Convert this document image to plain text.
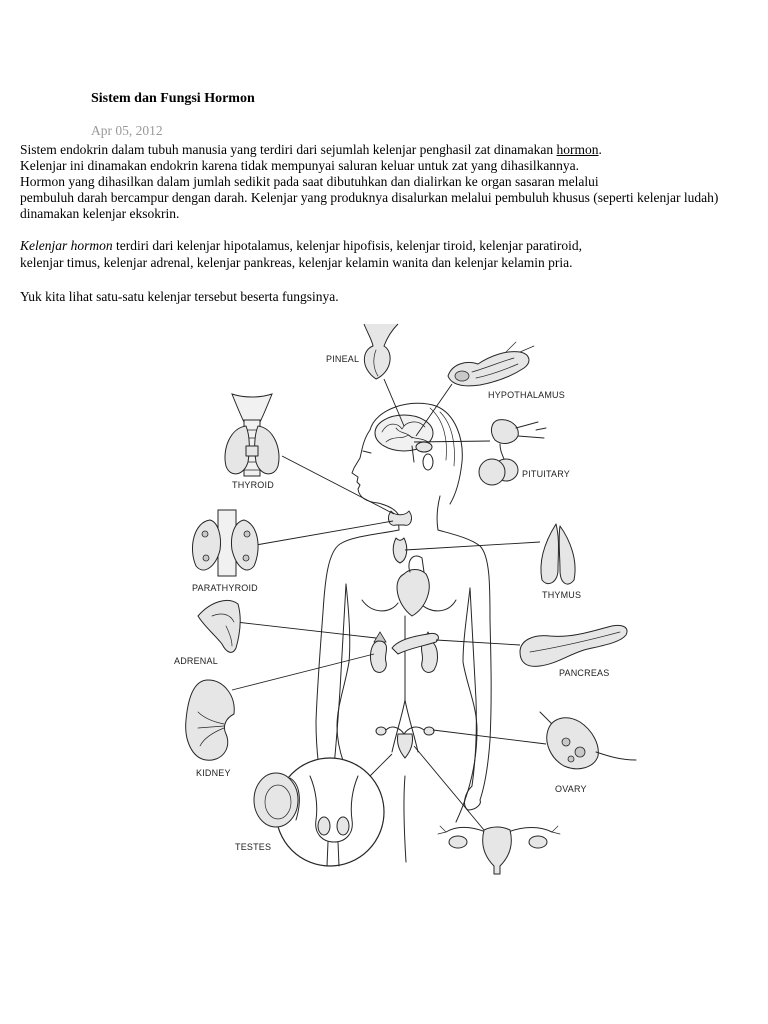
Sistem dan Fungsi Hormon
Apr 05, 2012
Sistem endokrin dalam tubuh manusia yang terdiri dari sejumlah kelenjar penghasil zat dinamakan hormon.
Kelenjar ini dinamakan endokrin karena tidak mempunyai saluran keluar untuk zat yang dihasilkannya.
Hormon yang dihasilkan dalam jumlah sedikit pada saat dibutuhkan dan dialirkan ke organ sasaran melalui
pembuluh darah bercampur dengan darah. Kelenjar yang produknya disalurkan melalui pembuluh khusus (seperti kelenjar ludah)
dinamakan kelenjar eksokrin.
Kelenjar hormon terdiri dari kelenjar hipotalamus, kelenjar hipofisis, kelenjar tiroid, kelenjar paratiroid,
kelenjar timus, kelenjar adrenal, kelenjar pankreas, kelenjar kelamin wanita dan kelenjar kelamin pria.
Yuk kita lihat satu-satu kelenjar tersebut beserta fungsinya.
PINEAL
HYPOTHALAMUS
PITUITARY
THYROID
PARATHYROID
THYMUS
ADRENAL
PANCREAS
KIDNEY
OVARY
TESTES
